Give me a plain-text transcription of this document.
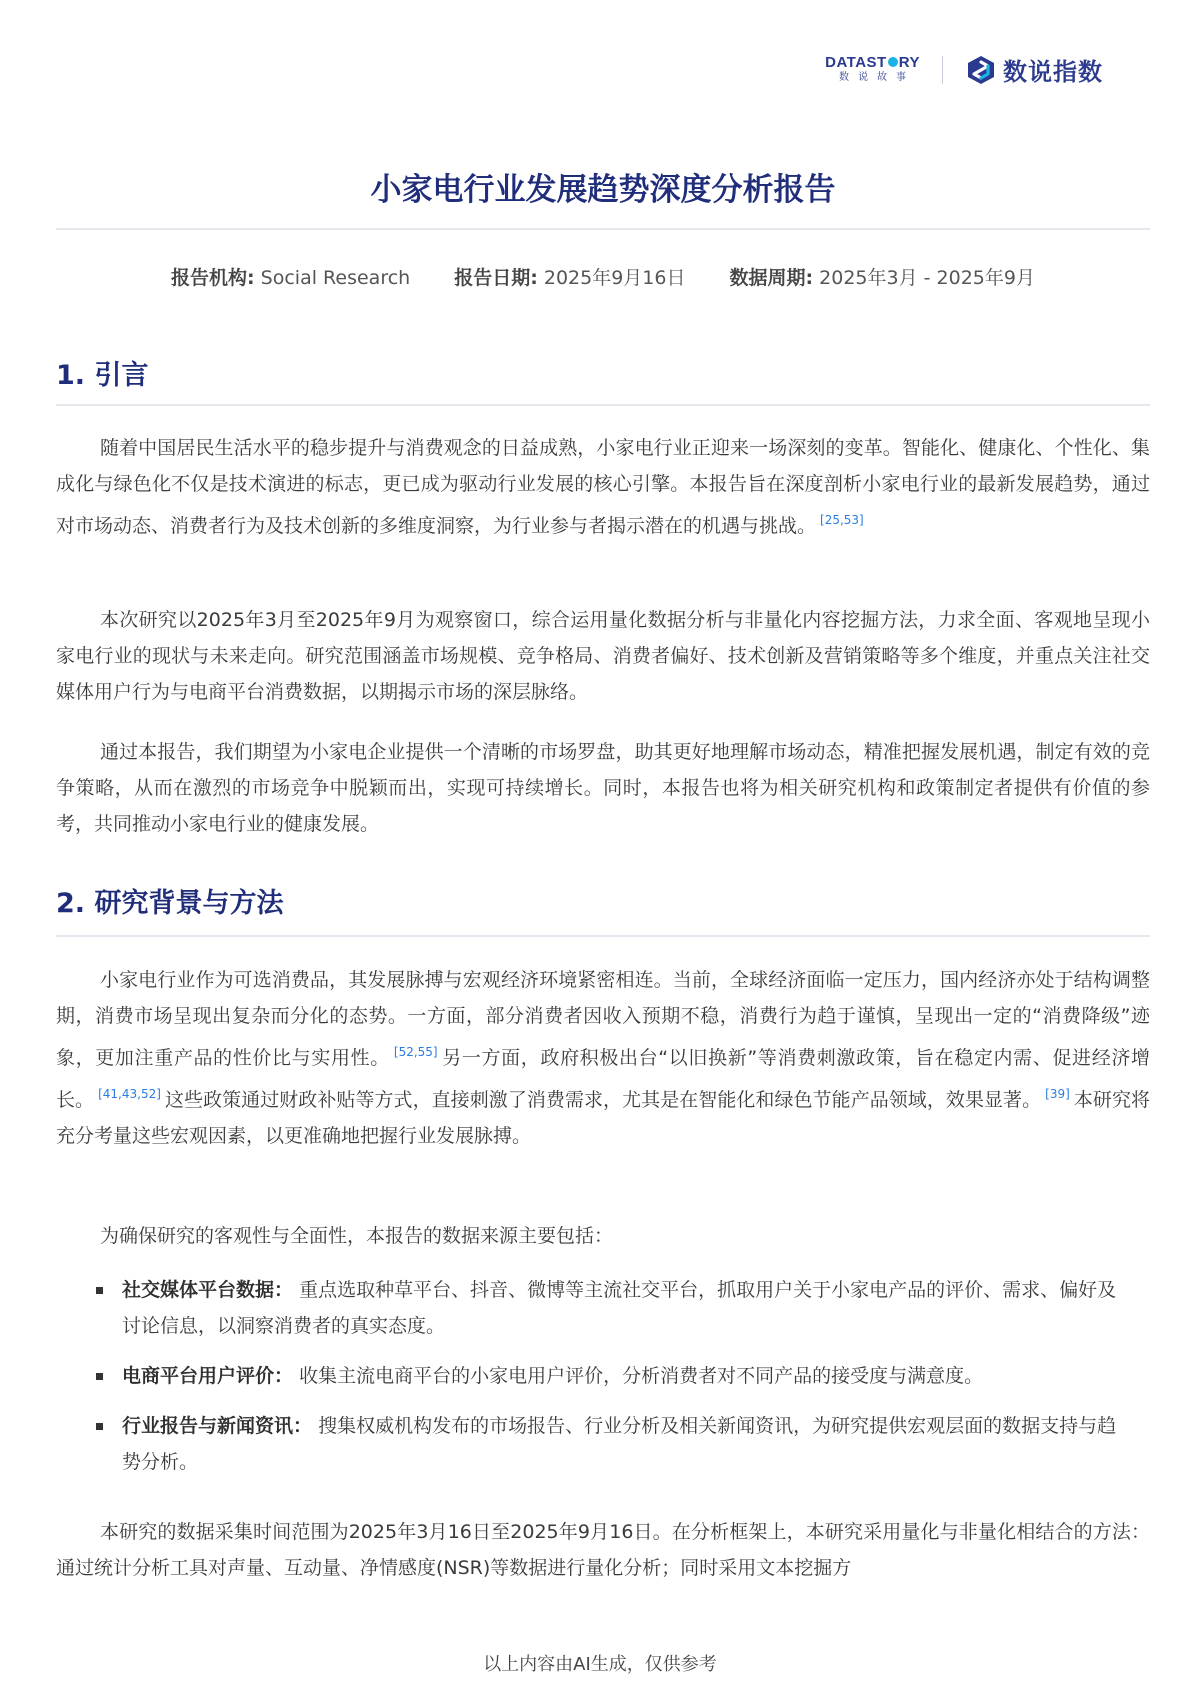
DATAST RY
数说故事	数说指数
小家电行业发展趋势深度分析报告
报告机构: Social Research 报告日期: 2025年9月16日 数据周期: 2025年3月 - 2025年9月
1. 引言

随着中国居民生活水平的稳步提升与消费观念的日益成熟，小家电行业正迎来一场深刻的变革。智能化、健康化、个性化、集成化与绿色化不仅是技术演进的标志，更已成为驱动行业发展的核心引擎。本报告旨在深度剖析小家电行业的最新发展趋势，通过对市场动态、消费者行为及技术创新的多维度洞察，为行业参与者揭示潜在的机遇与挑战。 [25,53]

本次研究以2025年3月至2025年9月为观察窗口，综合运用量化数据分析与非量化内容挖掘方法，力求全面、客观地呈现小家电行业的现状与未来走向。研究范围涵盖市场规模、竞争格局、消费者偏好、技术创新及营销策略等多个维度，并重点关注社交媒体用户行为与电商平台消费数据，以期揭示市场的深层脉络。

通过本报告，我们期望为小家电企业提供一个清晰的市场罗盘，助其更好地理解市场动态，精准把握发展机遇，制定有效的竞争策略，从而在激烈的市场竞争中脱颖而出，实现可持续增长。同时，本报告也将为相关研究机构和政策制定者提供有价值的参考，共同推动小家电行业的健康发展。

2. 研究背景与方法

小家电行业作为可选消费品，其发展脉搏与宏观经济环境紧密相连。当前，全球经济面临一定压力，国内经济亦处于结构调整期，消费市场呈现出复杂而分化的态势。一方面，部分消费者因收入预期不稳，消费行为趋于谨慎，呈现出一定的“消费降级”迹象，更加注重产品的性价比与实用性。 [52,55] 另一方面，政府积极出台“以旧换新”等消费刺激政策，旨在稳定内需、促进经济增长。 [41,43,52] 这些政策通过财政补贴等方式，直接刺激了消费需求，尤其是在智能化和绿色节能产品领域，效果显著。 [39] 本研究将充分考量这些宏观因素，以更准确地把握行业发展脉搏。

为确保研究的客观性与全面性，本报告的数据来源主要包括：

社交媒体平台数据： 重点选取种草平台、抖音、微博等主流社交平台，抓取用户关于小家电产品的评价、需求、偏好及讨论信息，以洞察消费者的真实态度。
电商平台用户评价： 收集主流电商平台的小家电用户评价，分析消费者对不同产品的接受度与满意度。
行业报告与新闻资讯： 搜集权威机构发布的市场报告、行业分析及相关新闻资讯，为研究提供宏观层面的数据支持与趋势分析。

本研究的数据采集时间范围为2025年3月16日至2025年9月16日。在分析框架上，本研究采用量化与非量化相结合的方法：通过统计分析工具对声量、互动量、净情感度(NSR)等数据进行量化分析；同时采用文本挖掘方

以上内容由AI生成，仅供参考
